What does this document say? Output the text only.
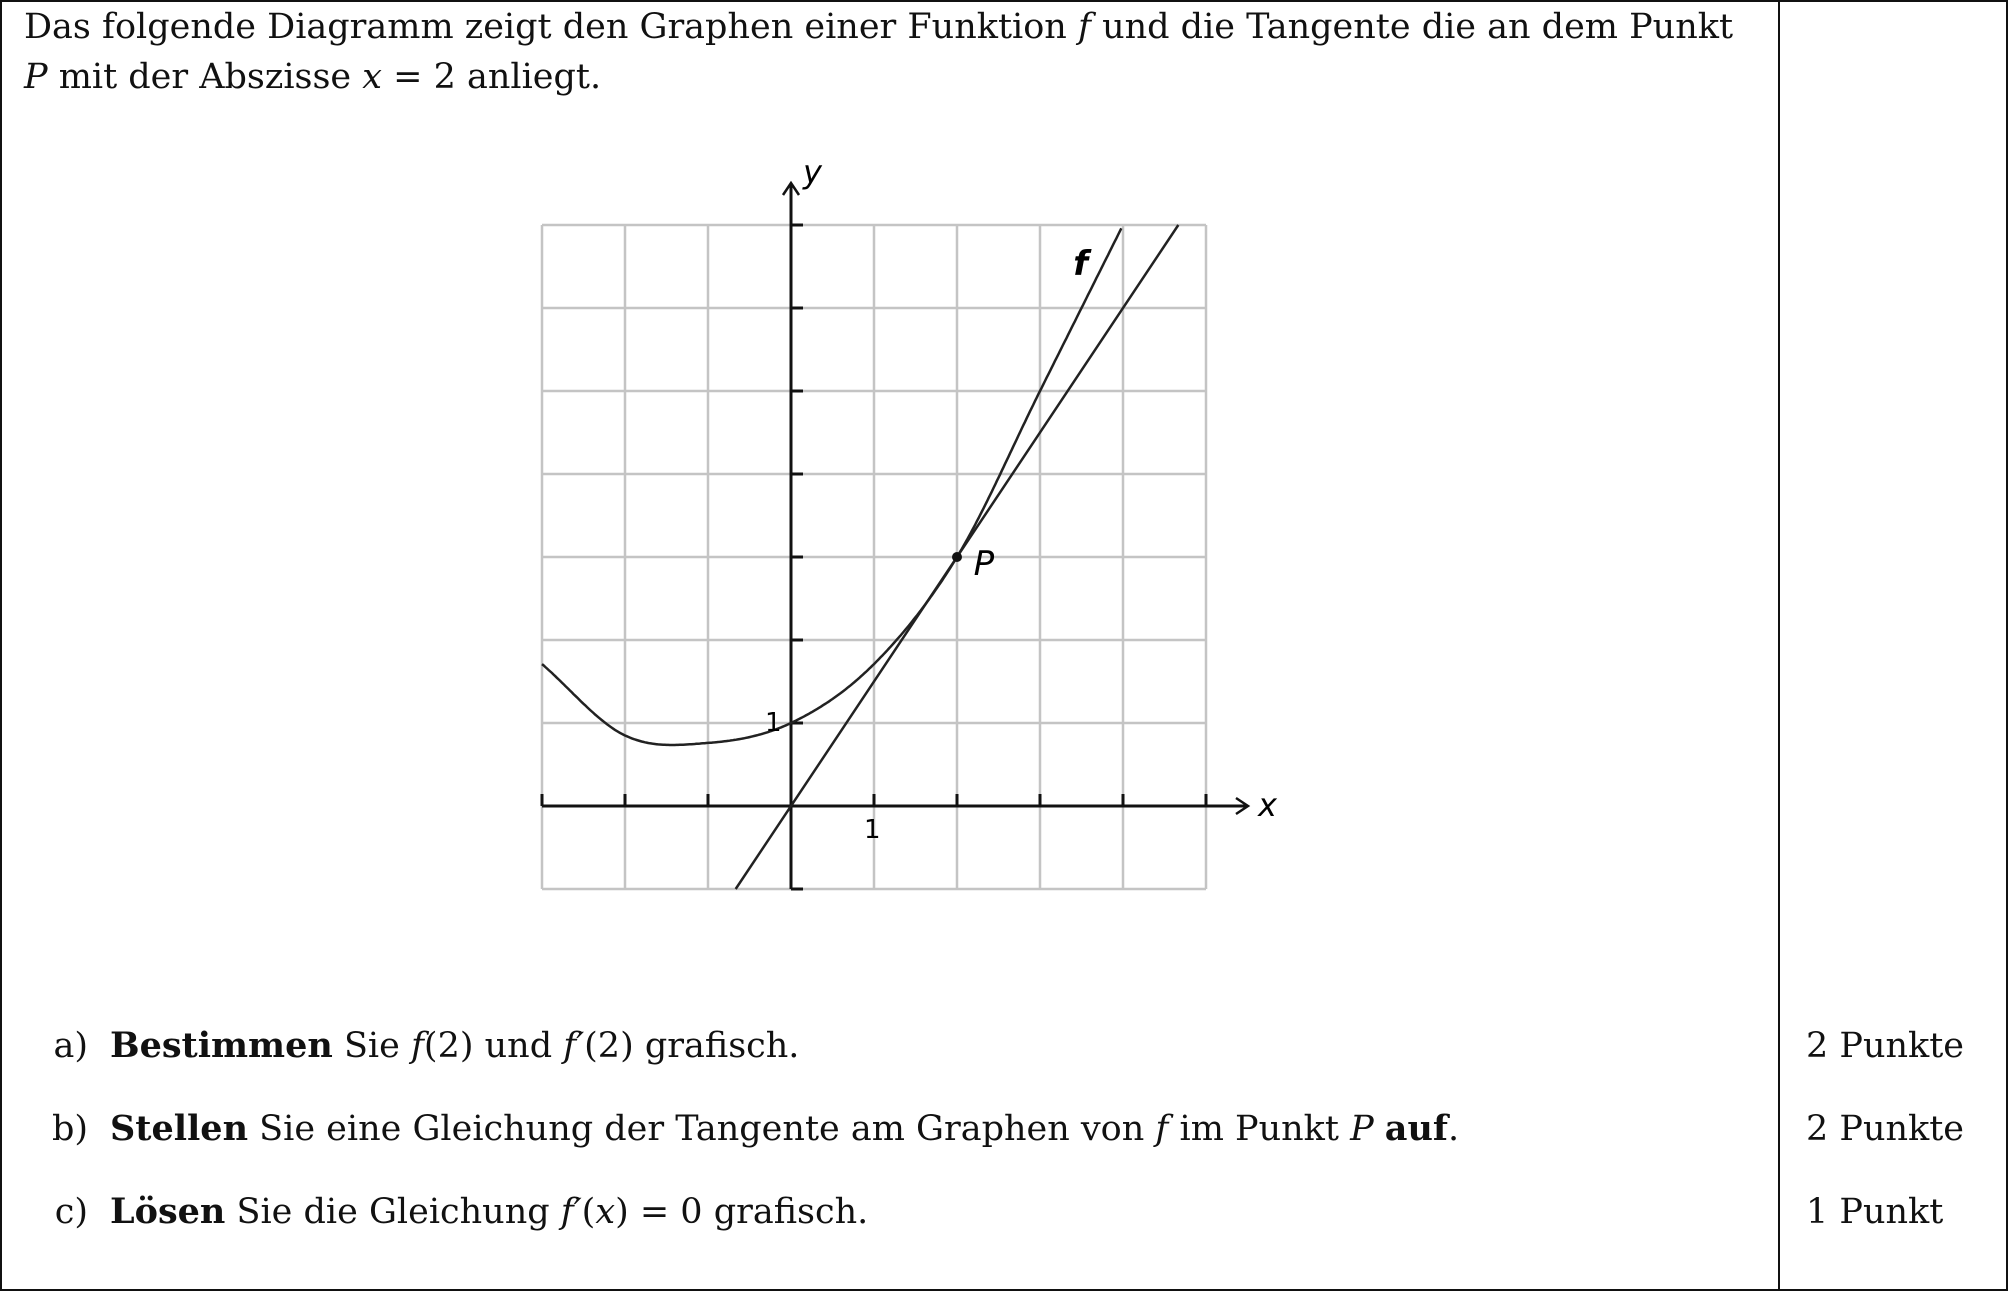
Das folgende Diagramm zeigt den Graphen einer Funktion f und die Tangente die an dem Punkt
P mit der Abszisse x = 2 anliegt.
y
x
1
1
f
P
a) Bestimmen Sie f(2) und f′(2) grafisch.	2 Punkte
b) Stellen Sie eine Gleichung der Tangente am Graphen von f im Punkt P auf.	2 Punkte
c) Lösen Sie die Gleichung f′(x) = 0 grafisch.	1 Punkt
